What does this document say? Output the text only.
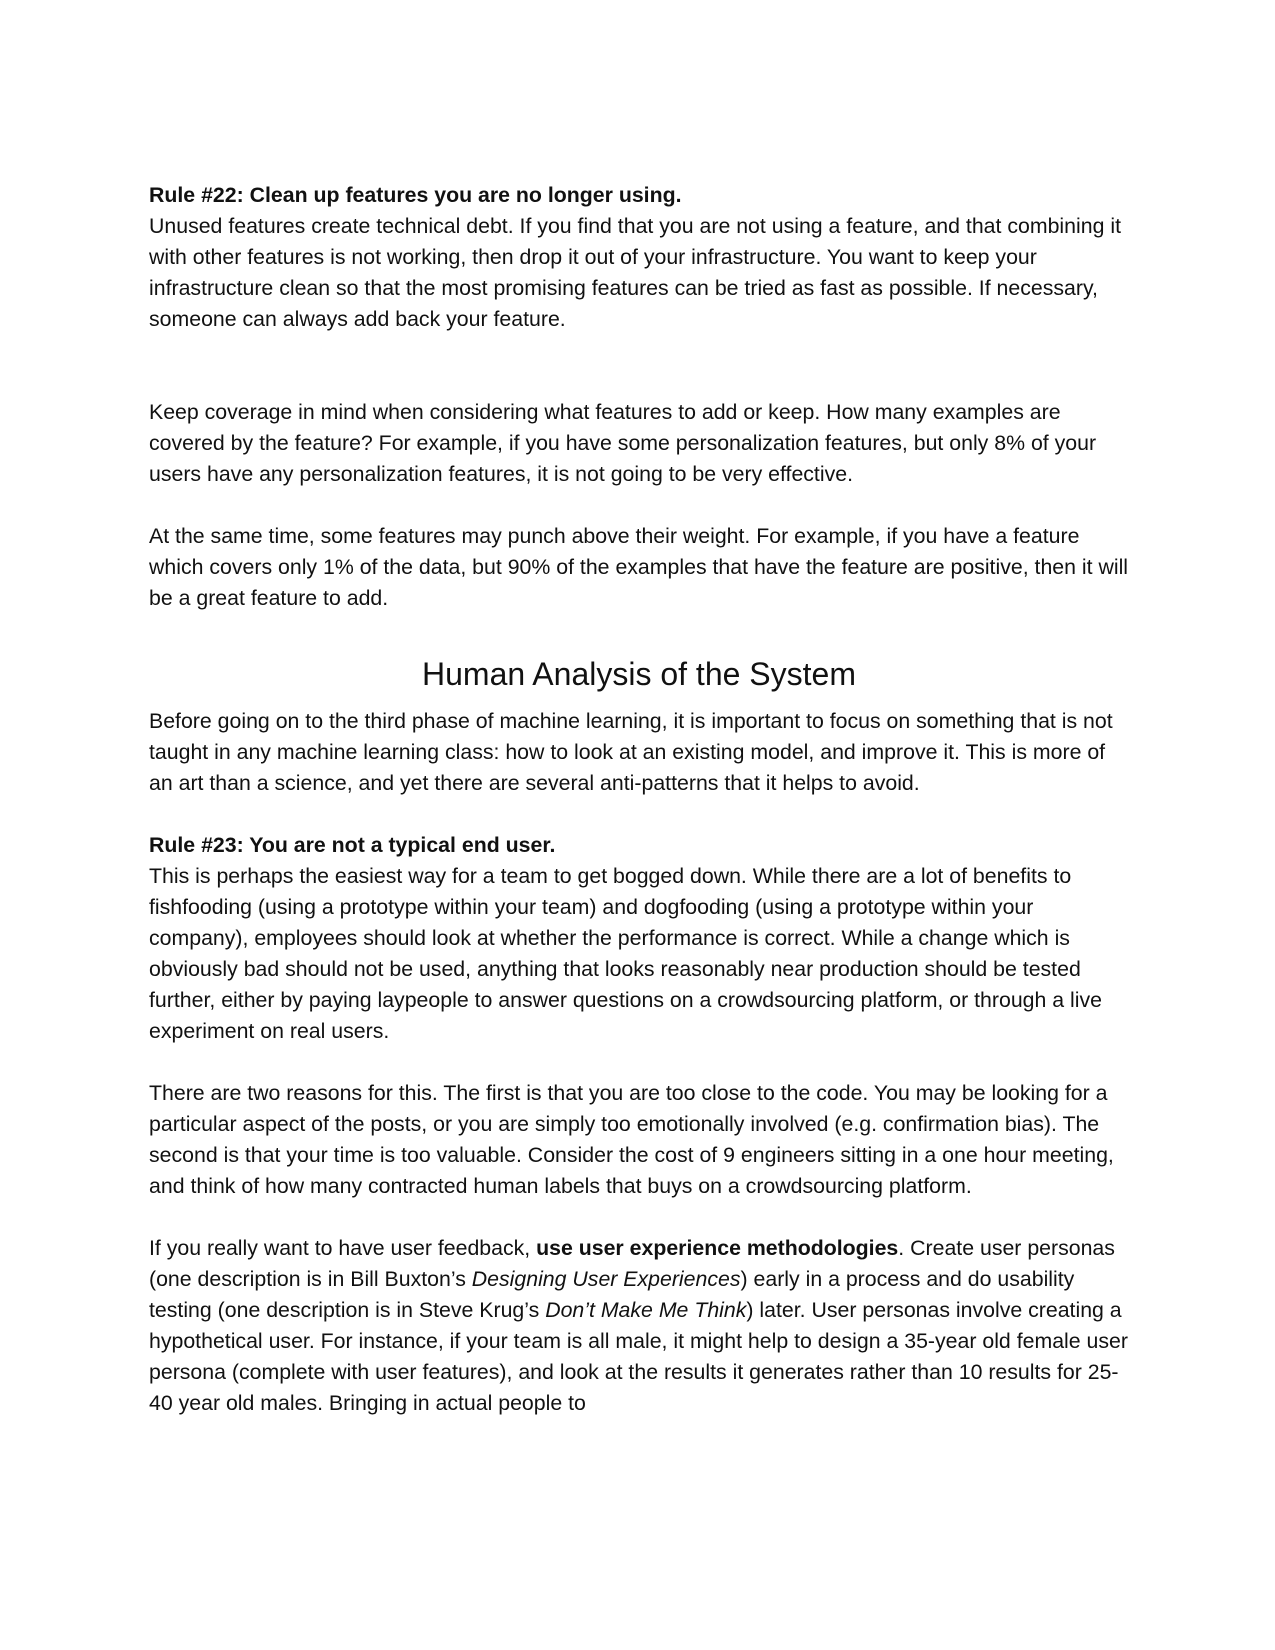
Rule #22: Clean up features you are no longer using.

Unused features create technical debt. If you find that you are not using a feature, and that combining it with other features is not working, then drop it out of your infrastructure. You want to keep your infrastructure clean so that the most promising features can be tried as fast as possible. If necessary, someone can always add back your feature.

Keep coverage in mind when considering what features to add or keep. How many examples are covered by the feature? For example, if you have some personalization features, but only 8% of your users have any personalization features, it is not going to be very effective.

At the same time, some features may punch above their weight. For example, if you have a feature which covers only 1% of the data, but 90% of the examples that have the feature are positive, then it will be a great feature to add.

Human Analysis of the System

Before going on to the third phase of machine learning, it is important to focus on something that is not taught in any machine learning class: how to look at an existing model, and improve it. This is more of an art than a science, and yet there are several anti-patterns that it helps to avoid.

Rule #23: You are not a typical end user.

This is perhaps the easiest way for a team to get bogged down. While there are a lot of benefits to fishfooding (using a prototype within your team) and dogfooding (using a prototype within your company), employees should look at whether the performance is correct. While a change which is obviously bad should not be used, anything that looks reasonably near production should be tested further, either by paying laypeople to answer questions on a crowdsourcing platform, or through a live experiment on real users.

There are two reasons for this. The first is that you are too close to the code. You may be looking for a particular aspect of the posts, or you are simply too emotionally involved (e.g. confirmation bias). The second is that your time is too valuable. Consider the cost of 9 engineers sitting in a one hour meeting, and think of how many contracted human labels that buys on a crowdsourcing platform.

If you really want to have user feedback, use user experience methodologies. Create user personas (one description is in Bill Buxton’s Designing User Experiences) early in a process and do usability testing (one description is in Steve Krug’s Don’t Make Me Think) later. User personas involve creating a hypothetical user. For instance, if your team is all male, it might help to design a 35-year old female user persona (complete with user features), and look at the results it generates rather than 10 results for 25-40 year old males. Bringing in actual people to
